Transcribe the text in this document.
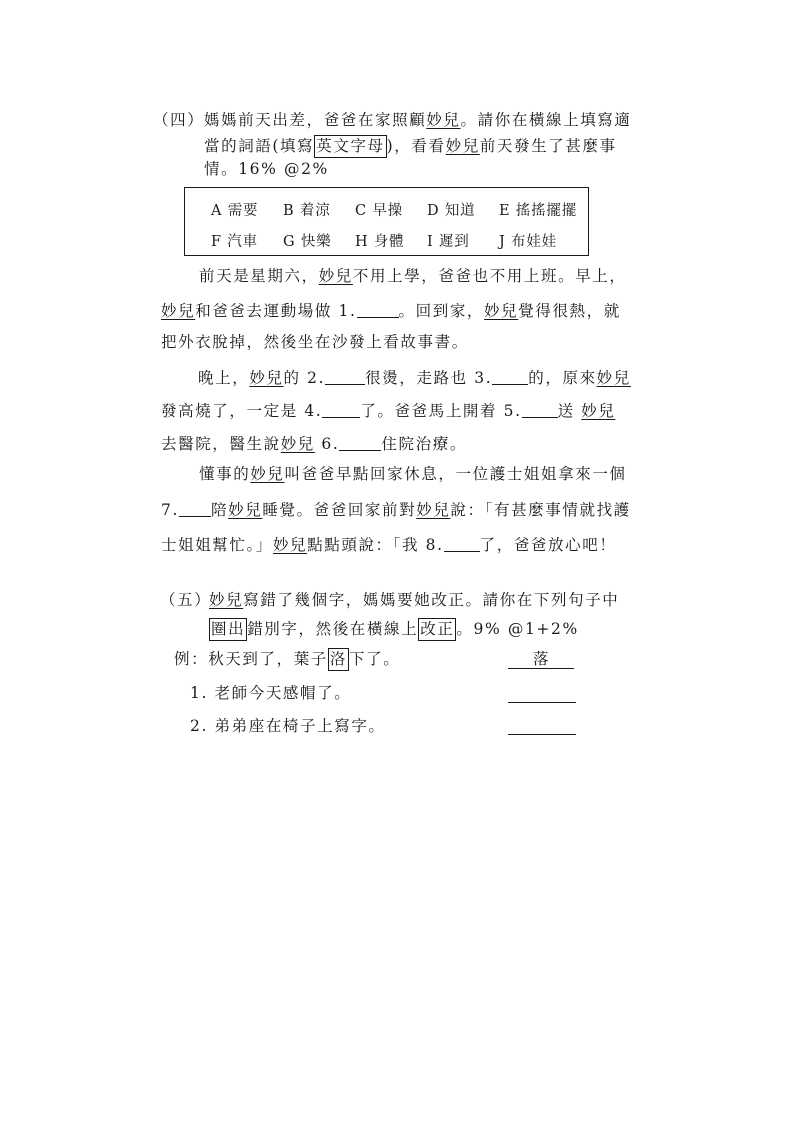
（四） 媽媽前天出差，爸爸在家照顧妙兒。請你在橫線上填寫適
當的詞語(填寫 英文字母 )，看看妙兒前天發生了甚麼事
情。16% @2%
A 需要 B 着涼 C 早操 D 知道 E 搖搖擺擺
F 汽車 G 快樂 H 身體 I 遲到 J 布娃娃
前天是星期六，妙兒不用上學，爸爸也不用上班。早上，
妙兒和爸爸去運動場做 1.	。回到家，妙兒覺得很熱，就
把外衣脫掉，然後坐在沙發上看故事書。
晚上，妙兒的 2.	很燙，走路也 3. 的，原來妙兒
發高燒了，一定是 4. 了。爸爸馬上開着 5. 送 妙兒
去醫院，醫生說妙兒 6.	住院治療。
懂事的妙兒叫爸爸早點回家休息，一位護士姐姐拿來一個
7. 陪妙兒睡覺。爸爸回家前對妙兒說：「有甚麼事情就找護
士姐姐幫忙。」妙兒點點頭說：「我 8. 了，爸爸放心吧！
（五）
妙兒寫錯了幾個字，媽媽要她改正。請你在下列句子中
圈出 錯別字，然後在橫線上 改正 。9% @1+2%
例：秋天到了，葉子 洛 下了。	落
1. 老師今天感帽了。
2. 弟弟座在椅子上寫字。
